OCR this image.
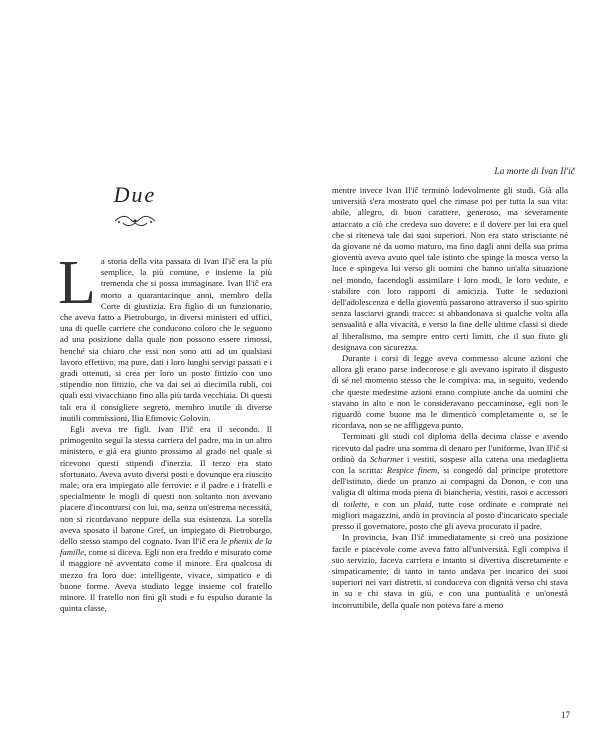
Due

La storia della vita passata di Ivan Il'ič era la più semplice, la più comune, e insieme la più tremenda che si possa immaginare. Ivan Il'ič era morto a quarantacinque anni, membro della Corte di giustizia. Era figlio di un funzionario, che aveva fatto a Pietroburgo, in diversi ministeri ed uffici, una di quelle carriere che conducono coloro che le seguono ad una posizione dalla quale non possono essere rimossi, benché sia chiaro che essi non sono atti ad un qualsiasi lavoro effettivo, ma pure, dati i loro lunghi servigi passati e i gradi ottenuti, si crea per loro un posto fittizio con uno stipendio non fittizio, che va dai sei ai diecimila rubli, coi quali essi vivacchiano fino alla più tarda vecchiaia. Di questi tali era il consigliere segreto, membro inutile di diverse inutili commissioni, Ilia Efimovic Golovin.

Egli aveva tre figli. Ivan Il'ič era il secondo. Il primogenito seguì la stessa carriera del padre, ma in un altro ministero, e già era giunto prossimo al grado nel quale si ricevono questi stipendi d'inerzia. Il terzo era stato sfortunato. Aveva avuto diversi posti e dovunque era riuscito male; ora era impiegato alle ferrovie: e il padre e i fratelli e specialmente le mogli di questi non soltanto non avevano piacere d'incontrarsi con lui, ma, senza un'estrema necessità, non si ricordavano neppure della sua esistenza. La sorella aveva sposato il barone Gref, un impiegato di Pietroburgo, dello stesso stampo del cognato. Ivan Il'ič era le phenix de la famille, come si diceva. Egli non era freddo e misurato come il maggiore né avventato come il minore. Era qualcosa di mezzo fra loro due: intelligente, vivace, simpatico e di buone forme. Aveva studiato legge insieme col fratello minore. Il fratello non finì gli studi e fu espulso durante la quinta classe,

La morte di Ivan Il'ič

mentre invece Ivan Il'ič terminò lodevolmente gli studi. Già alla università s'era mostrato quel che rimase poi per tutta la sua vita: abile, allegro, di buon carattere, generoso, ma severamente attaccato a ciò che credeva suo dovere: e il dovere per lui era quel che si riteneva tale dai suoi superiori. Non era stato strisciante né da giovane né da uomo maturo, ma fino dagli anni della sua prima gioventù aveva avuto quel tale istinto che spinge la mosca verso la luce e spingeva lui verso gli uomini che hanno un'alta situazione nel mondo, facendogli assimilare i loro modi, le loro vedute, e stabilire con loro rapporti di amicizia. Tutte le seduzioni dell'adolescenza e della gioventù passarono attraverso il suo spirito senza lasciarvi grandi tracce: si abbandonava si qualche volta alla sensualità e alla vivacità, e verso la fine delle ultime classi si diede al liberalismo, ma sempre entro certi limiti, che il suo fiuto gli designava con sicurezza.

Durante i corsi di legge aveva commesso alcune azioni che allora gli erano parse indecorose e gli avevano ispirato il disgusto di sé nel momento stesso che le compiva: ma, in seguito, vedendo che queste medesime azioni erano compiute anche da uomini che stavano in alto e non le consideravano peccaminose, egli non le riguardò come buone ma le dimenticò completamente o, se le ricordava, non se ne affliggeva punto.

Terminati gli studi col diploma della decima classe e avendo ricevuto dal padre una somma di denaro per l'uniforme, Ivan Il'ič si ordinò da Scharmer i vestiti, sospese alla catena una medaglietta con la scritta: Respice finem, si congedò dal principe protettore dell'istituto, diede un pranzo ai compagni da Donon, e con una valigia di ultima moda piena di biancheria, vestiti, rasoi e accessori di toilette, e con un plaid, tutte cose ordinate e comprate nei migliori magazzini, andò in provincia al posto d'incaricato speciale presso il governatore, posto che gli aveva procurato il padre.

In provincia, Ivan Il'ič immediatamente si creò una posizione facile e piacevole come aveva fatto all'università. Egli compiva il suo servizio, faceva carriera e intanto si divertiva discretamente e simpaticamente; di tanto in tanto andava per incarico dei suoi superiori nei vari distretti, si conduceva con dignità verso chi stava in su e chi stava in giù, e con una puntualità e un'onestà incorruttibile, della quale non poteva fare a meno

17
